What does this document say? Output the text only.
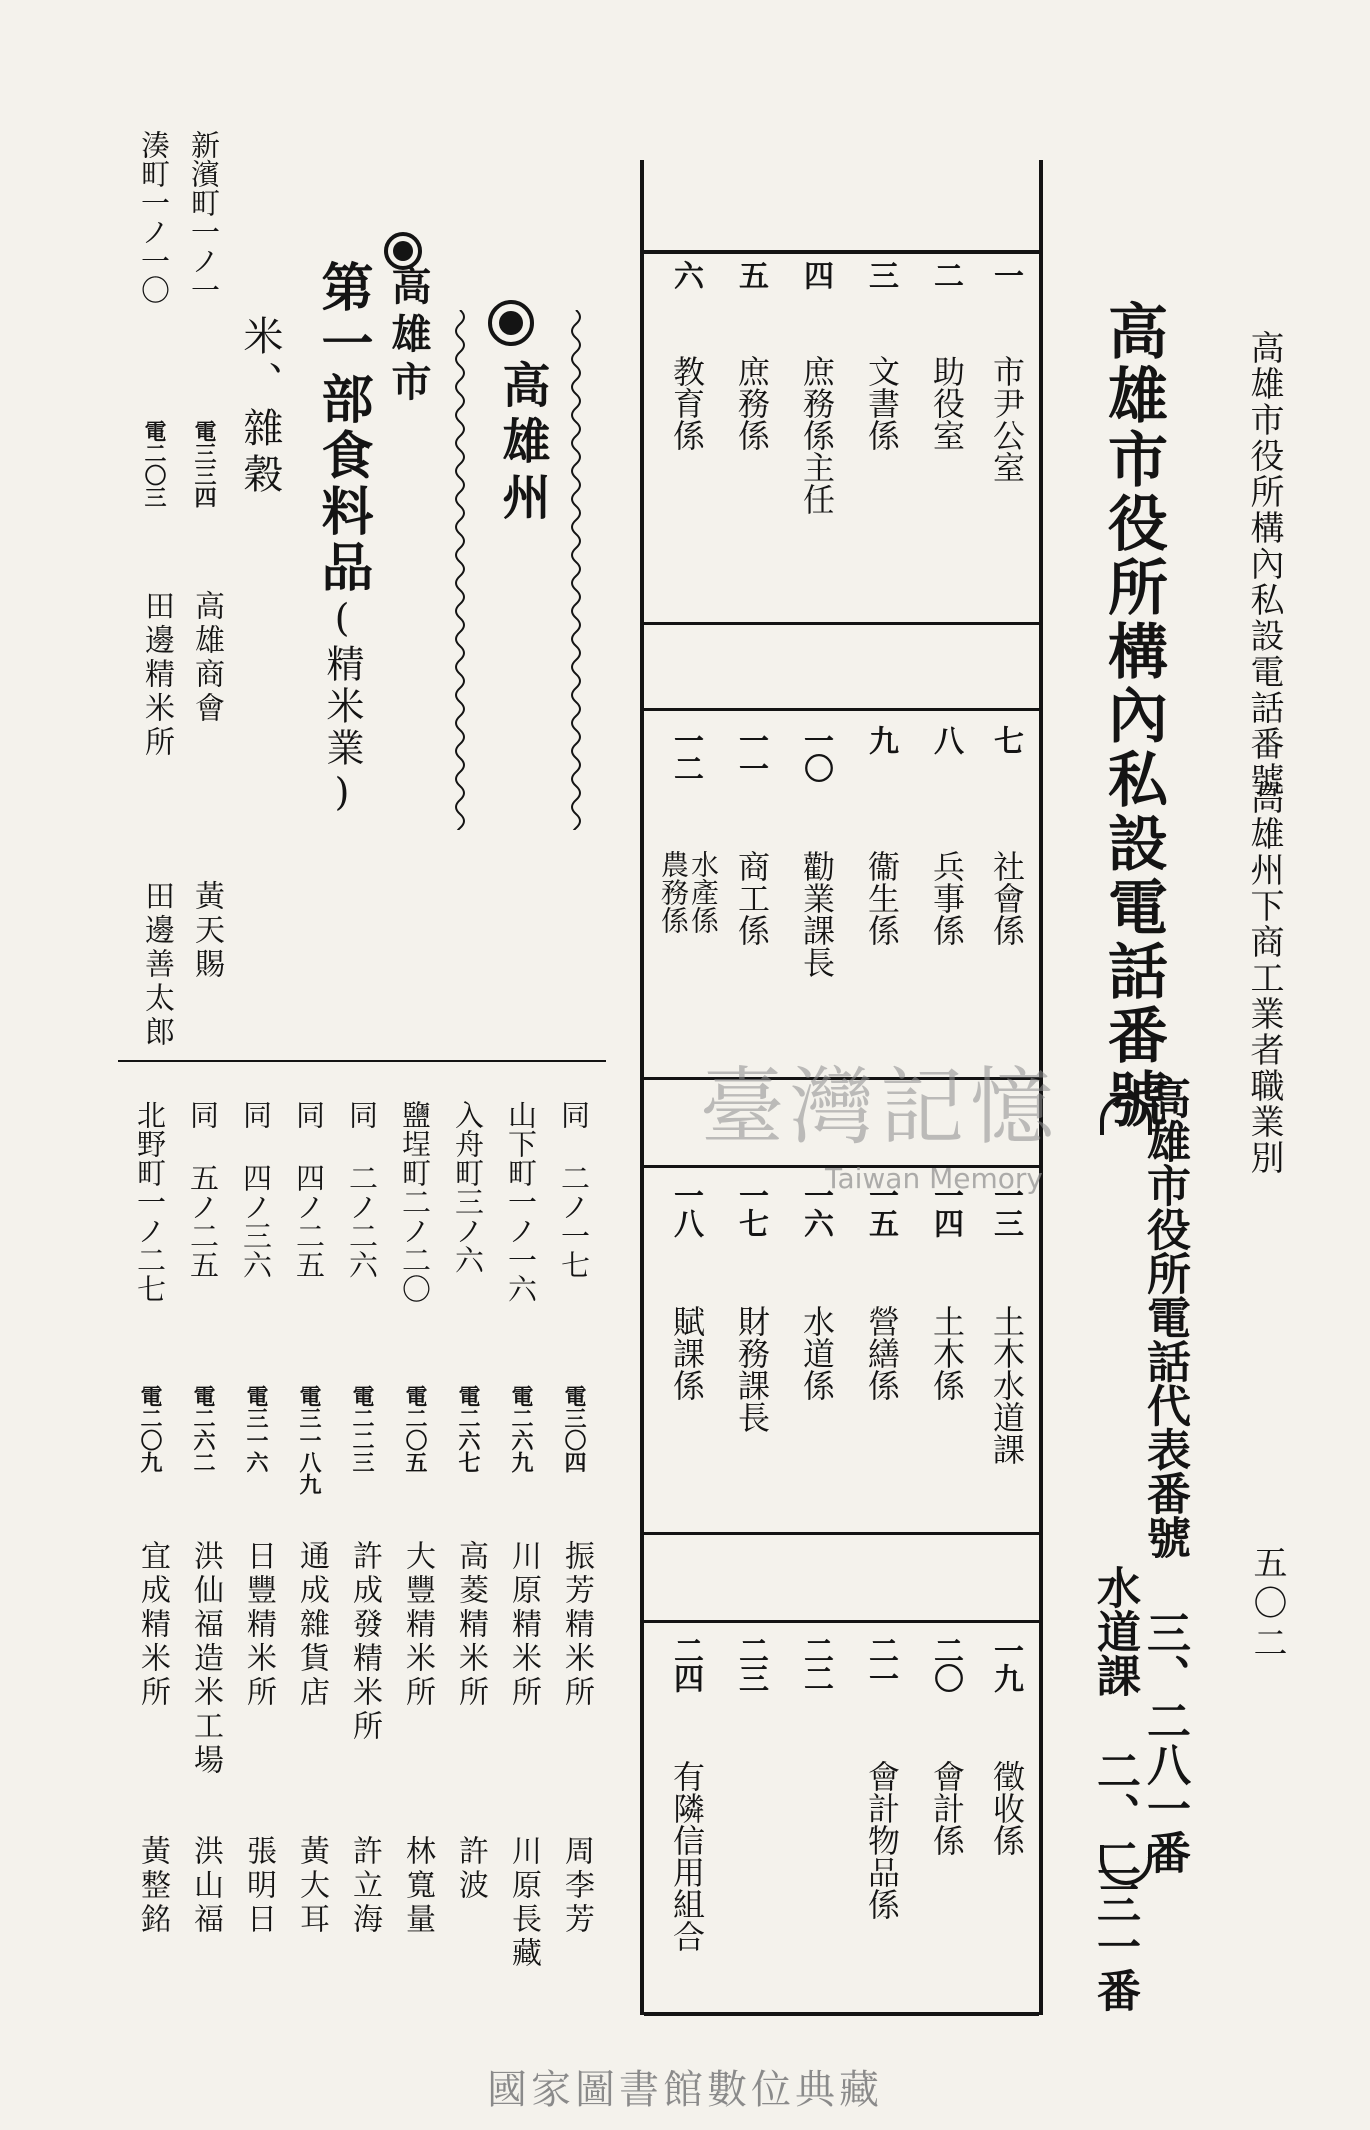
高雄市役所構內私設電話番號
高雄州下商工業者職業別
五〇二
高雄市役所構內私設電話番號
高雄市役所電話代表番號 三、二八一番
水道課 二、二三一番
一
市尹公室
二
助役室
三
文書係
四
庶務係主任
五
庶務係
六
教育係
七
社會係
八
兵事係
九
衞生係
一〇
勸業課長
一一
商工係
一二
水產係
農務係
一三
土木水道課
一四
土木係
一五
營繕係
一六
水道係
一七
財務課長
一八
賦課係
一九
徵收係
二〇
會計係
二一
會計物品係
二二
二三
二四
有隣信用組合
高雄州
高雄市
第一部食料品(精米業)
米、雜穀
新濱町一ノ一
電三三四
高雄商會
黃天賜
湊町一ノ一〇
電二〇三
田邊精米所
田邊善太郎
同 二ノ一七
電三〇四
振芳精米所
周李芳
山下町一ノ一六
電二六九
川原精米所
川原長藏
入舟町三ノ六
電二六七
高菱精米所
許波
鹽埕町二ノ二〇
電二〇五
大豐精米所
林寬量
同 二ノ二六
電二二三
許成發精米所
許立海
同 四ノ二五
電三一八九
通成雜貨店
黃大耳
同 四ノ三六
電三一六
日豐精米所
張明日
同 五ノ二五
電二六二
洪仙福造米工場
洪山福
北野町一ノ二七
電二〇九
宜成精米所
黃整銘
臺灣記憶
Taiwan Memory
國家圖書館數位典藏
